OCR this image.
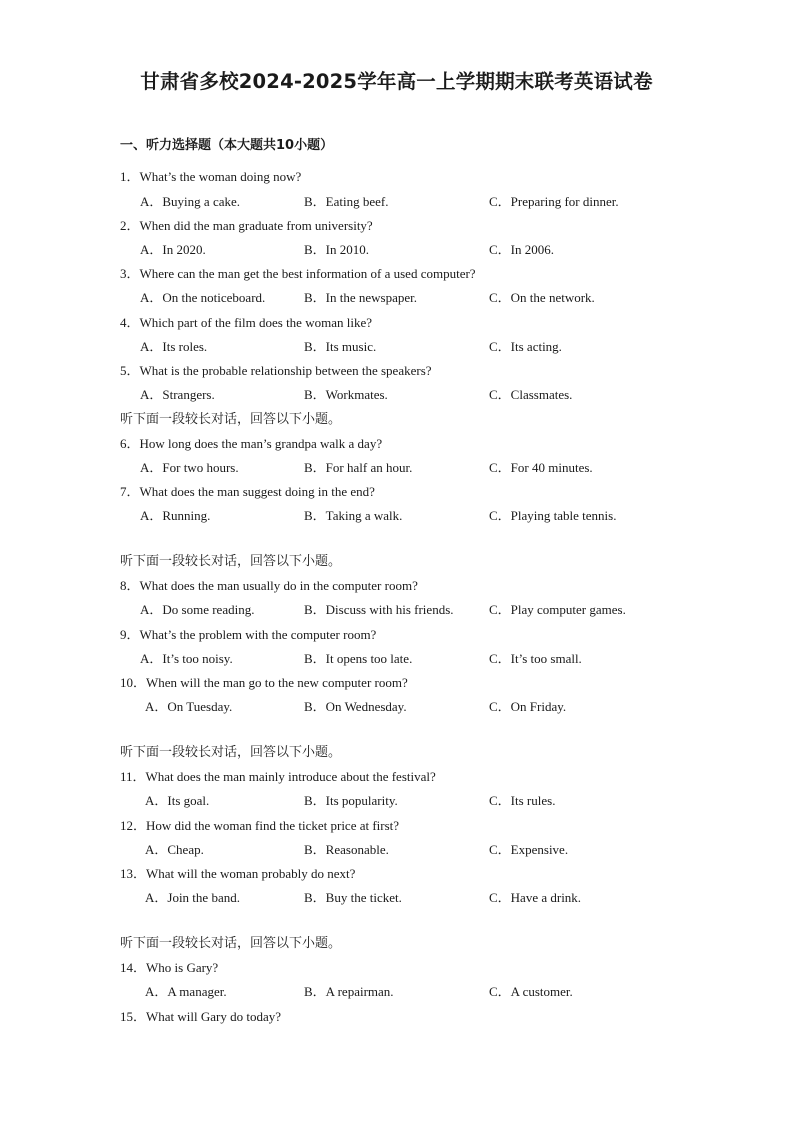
甘肃省多校2024-2025学年高一上学期期末联考英语试卷
一、听力选择题（本大题共10小题）
1．What’s the woman doing now?
A．Buying a cake.	B．Eating beef.	C．Preparing for dinner.
2．When did the man graduate from university?
A．In 2020.	B．In 2010.	C．In 2006.
3．Where can the man get the best information of a used computer?
A．On the noticeboard.	B．In the newspaper.	C．On the network.
4．Which part of the film does the woman like?
A．Its roles.	B．Its music.	C．Its acting.
5．What is the probable relationship between the speakers?
A．Strangers.	B．Workmates.	C．Classmates.
听下面一段较长对话，回答以下小题。
6．How long does the man’s grandpa walk a day?
A．For two hours.	B．For half an hour.	C．For 40 minutes.
7．What does the man suggest doing in the end?
A．Running.	B．Taking a walk.	C．Playing table tennis.
听下面一段较长对话，回答以下小题。
8．What does the man usually do in the computer room?
A．Do some reading.	B．Discuss with his friends.	C．Play computer games.
9．What’s the problem with the computer room?
A．It’s too noisy.	B．It opens too late.	C．It’s too small.
10．When will the man go to the new computer room?
A．On Tuesday.	B．On Wednesday.	C．On Friday.
听下面一段较长对话，回答以下小题。
11．What does the man mainly introduce about the festival?
A．Its goal.	B．Its popularity.	C．Its rules.
12．How did the woman find the ticket price at first?
A．Cheap.	B．Reasonable.	C．Expensive.
13．What will the woman probably do next?
A．Join the band.	B．Buy the ticket.	C．Have a drink.
听下面一段较长对话，回答以下小题。
14．Who is Gary?
A．A manager.	B．A repairman.	C．A customer.
15．What will Gary do today?
